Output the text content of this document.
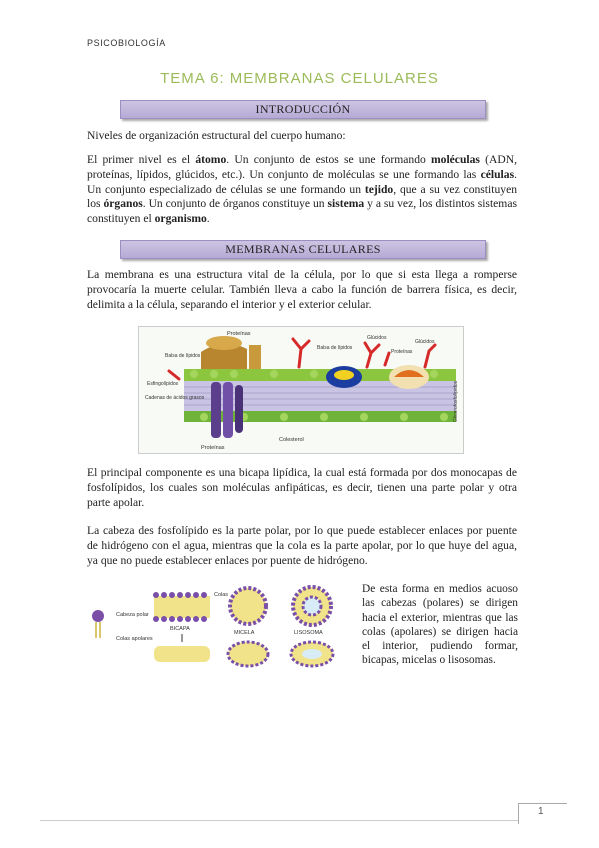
PSICOBIOLOGÍA
TEMA 6: MEMBRANAS CELULARES
INTRODUCCIÓN
Niveles de organización estructural del cuerpo humano:
El primer nivel es el átomo. Un conjunto de estos se une formando moléculas (ADN, proteínas, lípidos, glúcidos, etc.). Un conjunto de moléculas se une formando las células. Un conjunto especializado de células se une formando un tejido, que a su vez constituyen los órganos. Un conjunto de órganos constituye un sistema y a su vez, los distintos sistemas constituyen el organismo.
MEMBRANAS CELULARES
La membrana es una estructura vital de la célula, por lo que si esta llega a romperse provocaría la muerte celular. También lleva a cabo la función de barrera física, es decir, delimita a la célula, separando el interior y el exterior celular.
Proteínas
Balsa de lípidos
Balsa de lípidos
Glúcidos
Glúcidos
Proteínas
Esfingolípidos
Cadenas de ácidos grasos
Colesterol
Proteínas
Glicerofosfolípidos
El principal componente es una bicapa lipídica, la cual está formada por dos monocapas de fosfolípidos, los cuales son moléculas anfipáticas, es decir, tienen una parte polar y otra parte apolar.
La cabeza des fosfolípido es la parte polar, por lo que puede establecer enlaces por puente de hidrógeno con el agua, mientras que la cola es la parte apolar, por lo que huye del agua, ya que no puede establecer enlaces por puente de hidrógeno.
Cabeza polar
Colas apolares
Colas
BICAPA
MICELA	LISOSOMA
De esta forma en medios acuoso las cabezas (polares) se dirigen hacia el exterior, mientras que las colas (apolares) se dirigen hacia el interior, pudiendo formar, bicapas, micelas o lisosomas.
1
